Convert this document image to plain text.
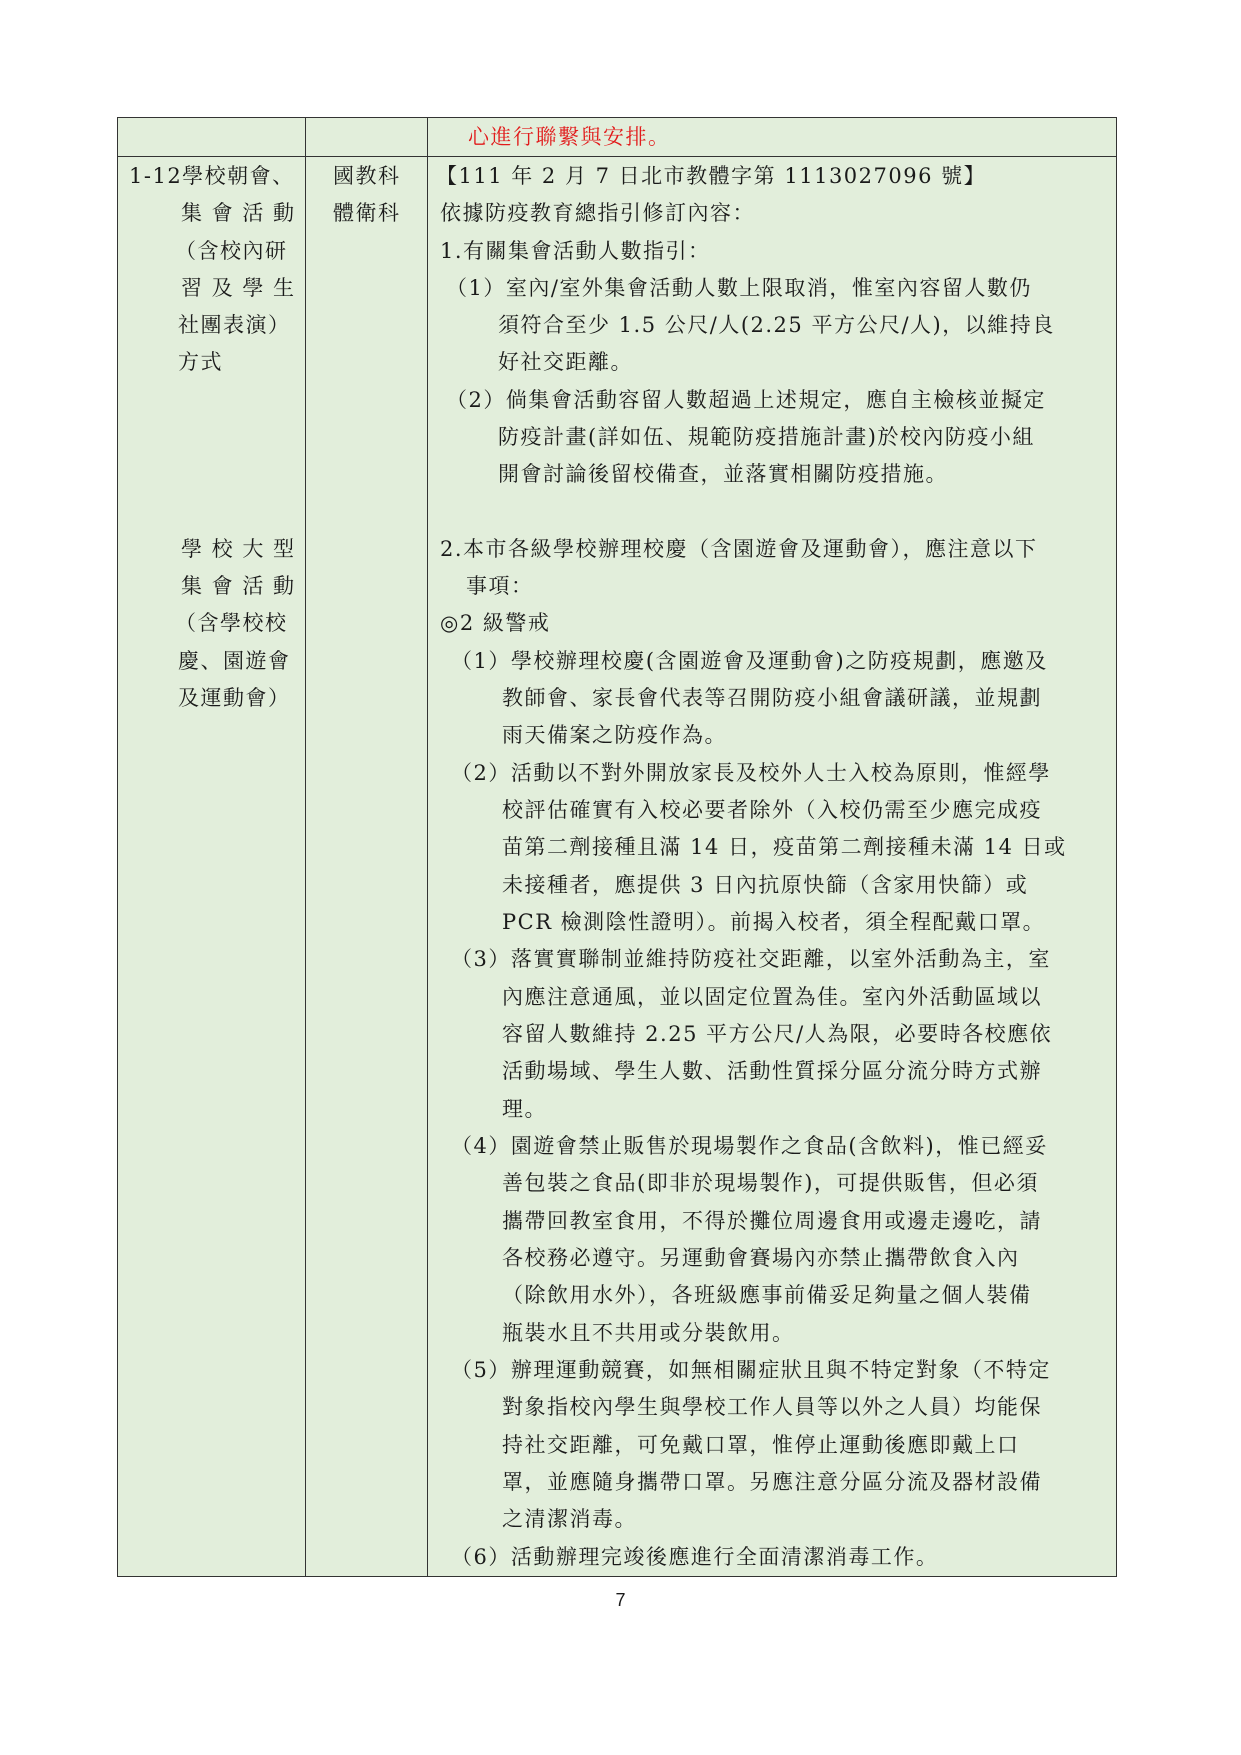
心進行聯繫與安排。
1-12學校朝會、
集 會 活 動
（含校內研
習 及 學 生
社團表演）
方式
國教科
體衛科
【111 年 2 月 7 日北市教體字第 1113027096 號】
依據防疫教育總指引修訂內容：
1.有關集會活動人數指引：
（1）室內/室外集會活動人數上限取消，惟室內容留人數仍
須符合至少 1.5 公尺/人(2.25 平方公尺/人)，以維持良
好社交距離。
（2）倘集會活動容留人數超過上述規定，應自主檢核並擬定
防疫計畫(詳如伍、規範防疫措施計畫)於校內防疫小組
開會討論後留校備查，並落實相關防疫措施。
學 校 大 型
集 會 活 動
（含學校校
慶、園遊會
及運動會）
2.本市各級學校辦理校慶（含園遊會及運動會），應注意以下
事項：
◎2 級警戒
（1）學校辦理校慶(含園遊會及運動會)之防疫規劃，應邀及
教師會、家長會代表等召開防疫小組會議研議，並規劃
雨天備案之防疫作為。
（2）活動以不對外開放家長及校外人士入校為原則，惟經學
校評估確實有入校必要者除外（入校仍需至少應完成疫
苗第二劑接種且滿 14 日，疫苗第二劑接種未滿 14 日或
未接種者，應提供 3 日內抗原快篩（含家用快篩）或
PCR 檢測陰性證明）。前揭入校者，須全程配戴口罩。
（3）落實實聯制並維持防疫社交距離，以室外活動為主，室
內應注意通風，並以固定位置為佳。室內外活動區域以
容留人數維持 2.25 平方公尺/人為限，必要時各校應依
活動場域、學生人數、活動性質採分區分流分時方式辦
理。
（4）園遊會禁止販售於現場製作之食品(含飲料)，惟已經妥
善包裝之食品(即非於現場製作)，可提供販售，但必須
攜帶回教室食用，不得於攤位周邊食用或邊走邊吃，請
各校務必遵守。另運動會賽場內亦禁止攜帶飲食入內
（除飲用水外），各班級應事前備妥足夠量之個人裝備
瓶裝水且不共用或分裝飲用。
（5）辦理運動競賽，如無相關症狀且與不特定對象（不特定
對象指校內學生與學校工作人員等以外之人員）均能保
持社交距離，可免戴口罩，惟停止運動後應即戴上口
罩，並應隨身攜帶口罩。另應注意分區分流及器材設備
之清潔消毒。
（6）活動辦理完竣後應進行全面清潔消毒工作。
7
